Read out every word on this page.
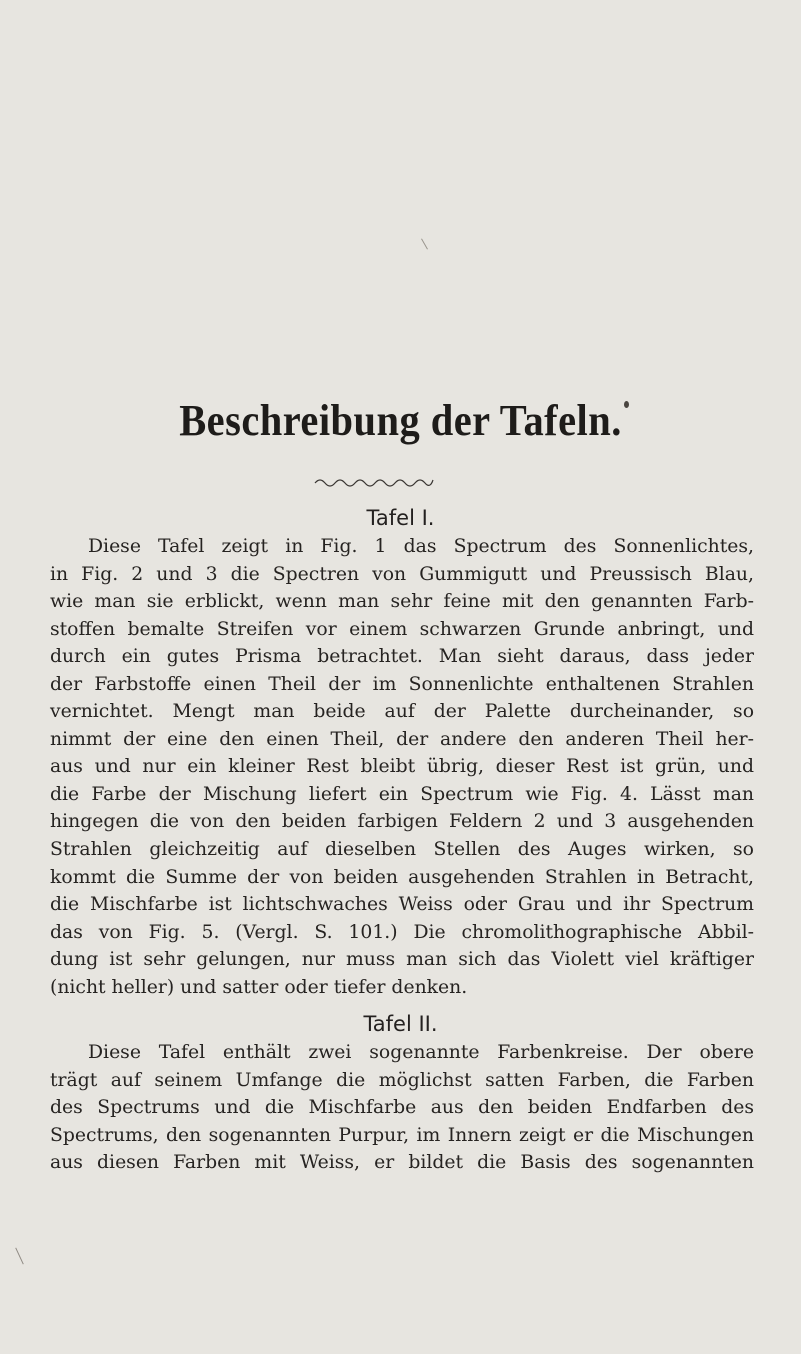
Beschreibung der Tafeln.
Tafel I.

Diese Tafel zeigt in Fig. 1 das Spectrum des Sonnenlichtes,
in Fig. 2 und 3 die Spectren von Gummigutt und Preussisch Blau,
wie man sie erblickt, wenn man sehr feine mit den genannten Farb-
stoffen bemalte Streifen vor einem schwarzen Grunde anbringt, und
durch ein gutes Prisma betrachtet. Man sieht daraus, dass jeder
der Farbstoffe einen Theil der im Sonnenlichte enthaltenen Strahlen
vernichtet. Mengt man beide auf der Palette durcheinander, so
nimmt der eine den einen Theil, der andere den anderen Theil her-
aus und nur ein kleiner Rest bleibt übrig, dieser Rest ist grün, und
die Farbe der Mischung liefert ein Spectrum wie Fig. 4. Lässt man
hingegen die von den beiden farbigen Feldern 2 und 3 ausgehenden
Strahlen gleichzeitig auf dieselben Stellen des Auges wirken, so
kommt die Summe der von beiden ausgehenden Strahlen in Betracht,
die Mischfarbe ist lichtschwaches Weiss oder Grau und ihr Spectrum
das von Fig. 5. (Vergl. S. 101.) Die chromolithographische Abbil-
dung ist sehr gelungen, nur muss man sich das Violett viel kräftiger
(nicht heller) und satter oder tiefer denken.

Tafel II.

Diese Tafel enthält zwei sogenannte Farbenkreise. Der obere
trägt auf seinem Umfange die möglichst satten Farben, die Farben
des Spectrums und die Mischfarbe aus den beiden Endfarben des
Spectrums, den sogenannten Purpur, im Innern zeigt er die Mischungen
aus diesen Farben mit Weiss, er bildet die Basis des sogenannten
